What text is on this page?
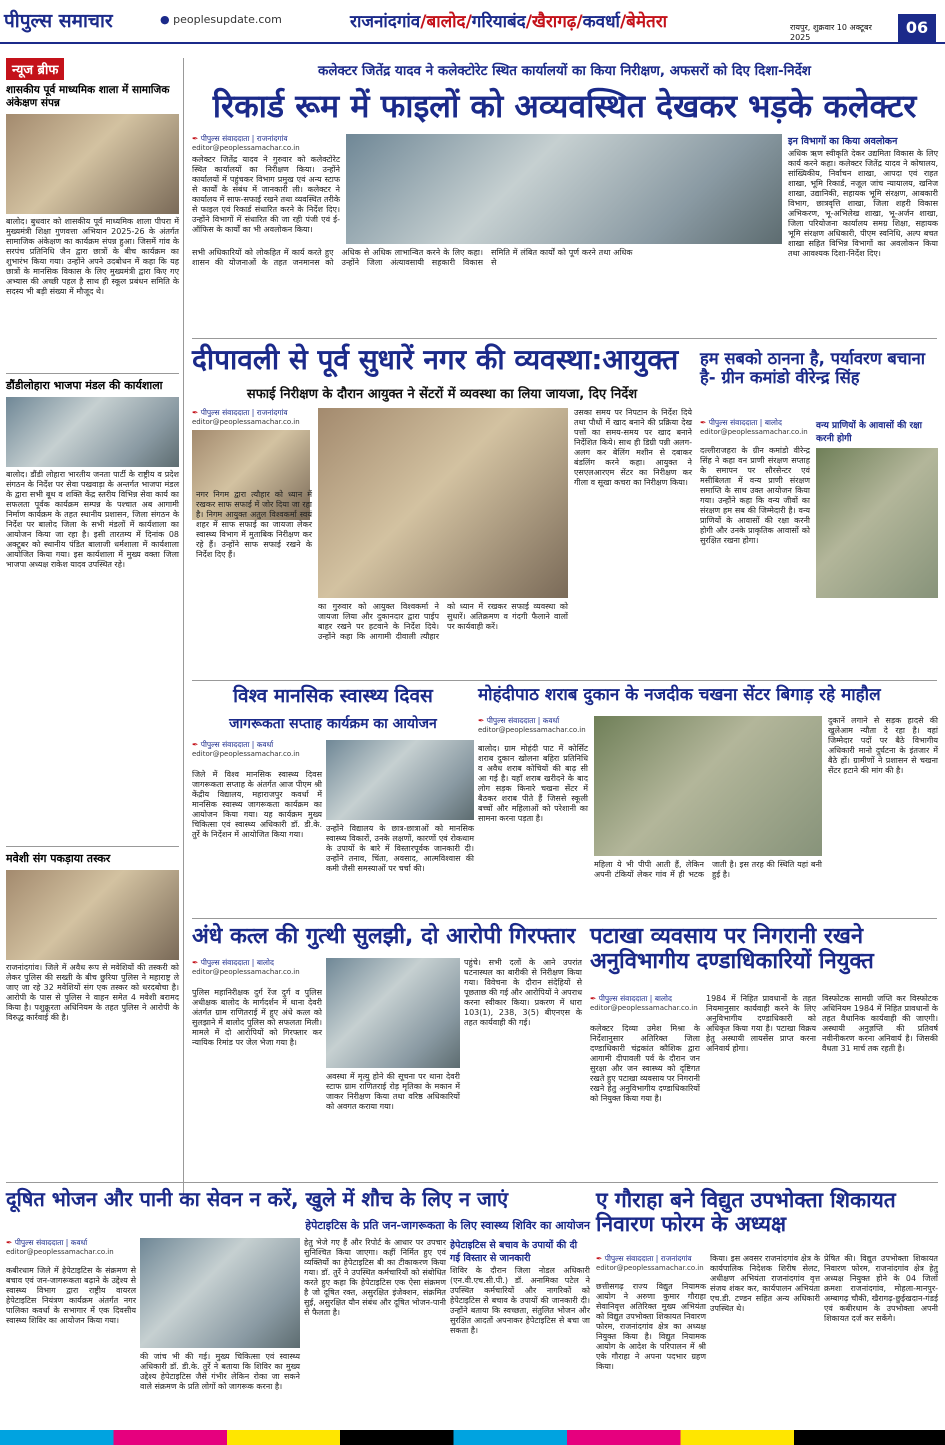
पीपुल्स समाचार	● peoplesupdate.com	राजनांदगांव/बालोद/गरियाबंद/खैरागढ़/कवर्धा/बेमेतरा	रायपुर, शुक्रवार 10 अक्टूबर 2025
06
न्यूज ब्रीफ
शासकीय पूर्व माध्यमिक शाला में सामाजिक अंकेक्षण संपन्न
बालोद। बुधवार को शासकीय पूर्व माध्यमिक शाला पीपरा में मुख्यमंत्री शिक्षा गुणवत्ता अभियान 2025-26 के अंतर्गत सामाजिक अंकेक्षण का कार्यक्रम संपन्न हुआ। जिसमें गांव के सरपंच प्रतिनिधि जैन द्वारा छात्रों के बीच कार्यक्रम का शुभारंभ किया गया। उन्होंने अपने उदबोधन में कहा कि यह छात्रों के मानसिक विकास के लिए मुख्यमंत्री द्वारा किए गए अभ्यास की अच्छी पहल है साथ ही स्कूल प्रबंधन समिति के सदस्य भी बड़ी संख्या में मौजूद थे।
डौंडीलोहारा भाजपा मंडल की कार्यशाला
बालोद। डौंडी लोहारा भारतीय जनता पार्टी के राष्ट्रीय व प्रदेश संगठन के निर्देश पर सेवा पखवाड़ा के अन्तर्गत भाजपा मंडल के द्वारा सभी बूथ व शक्ति केंद्र स्तरीय विभिन्न सेवा कार्य का सफलता पूर्वक कार्यक्रम सम्पन्न के पश्चात अब आगामी निर्माण कार्यक्रम के तहत स्थानीय प्रशासन, जिला संगठन के निर्देश पर बालोद जिला के सभी मंडलों में कार्यशाला का आयोजन किया जा रहा है। इसी तारतम्य में दिनांक 08 अक्टूबर को स्थानीय पंडित बालाजी धर्मशाला में कार्यशाला आयोजित किया गया। इस कार्यशाला में मुख्य वक्ता जिला भाजपा अध्यक्ष राकेश यादव उपस्थित रहे।
मवेशी संग पकड़ाया तस्कर
राजनांदगांव। जिले में अवैध रूप से मवेशियों की तस्करी को लेकर पुलिस की सख्ती के बीच छुरिया पुलिस ने महाराष्ट्र ले जाए जा रहे 32 मवेशियों संग एक तस्कर को धरदबोचा है। आरोपी के पास से पुलिस ने वाहन समेत 4 मवेशी बरामद किया है। पशुक्रूरता अधिनियम के तहत पुलिस ने आरोपी के विरुद्ध कार्रवाई की है।
कलेक्टर जितेंद्र यादव ने कलेक्टोरेट स्थित कार्यालयों का किया निरीक्षण, अफसरों को दिए दिशा-निर्देश
रिकार्ड रूम में फाइलों को अव्यवस्थित देखकर भड़के कलेक्टर
✒ पीपुल्स संवाददाता | राजनांदगांव
editor@peoplessamachar.co.in
कलेक्टर जितेंद्र यादव ने गुरुवार को कलेक्टोरेट स्थित कार्यालयों का निरीक्षण किया। उन्होंने कार्यालयों में पहुंचकर विभाग प्रमुख एवं अन्य स्टाफ से कार्यों के संबंध में जानकारी ली। कलेक्टर ने कार्यालय में साफ-सफाई रखने तथा व्यवस्थित तरीके से फाइल एवं रिकार्ड संधारित करने के निर्देश दिए। उन्होंने विभागों में संधारित की जा रही पंजी एवं ई-ऑफिस के कार्यों का भी अवलोकन किया।
सभी अधिकारियों को लोकहित में कार्य करते हुए शासन की योजनाओं के तहत जनमानस को अधिक से अधिक लाभान्वित करने के लिए कहा। उन्होंने जिला अंत्यावसायी सहकारी विकास समिति में लंबित कार्यों को पूर्ण करने तथा अधिक से
इन विभागों का किया अवलोकन
अधिक ऋण स्वीकृति देकर उद्यमिता विकास के लिए कार्य करने कहा। कलेक्टर जितेंद्र यादव ने कोषालय, सांख्यिकीय, निर्वाचन शाखा, आपदा एवं राहत शाखा, भूमि रिकार्ड, नजूल जांच न्यायालय, खनिज शाखा, उद्यानिकी, सहायक भूमि संरक्षण, आबकारी विभाग, छात्रवृत्ति शाखा, जिला शहरी विकास अभिकरण, भू-अभिलेख शाखा, भू-अर्जन शाखा, जिला परियोजना कार्यालय समग्र शिक्षा, सहायक भूमि संरक्षण अधिकारी, पीएम स्वनिधि, अल्प बचत शाखा सहित विभिन्न विभागों का अवलोकन किया तथा आवश्यक दिशा-निर्देश दिए।
दीपावली से पूर्व सुधारें नगर की व्यवस्था:आयुक्त
सफाई निरीक्षण के दौरान आयुक्त ने सेंटरों में व्यवस्था का लिया जायजा, दिए निर्देश
✒ पीपुल्स संवाददाता | राजनांदगांव
editor@peoplessamachar.co.in
का गुरुवार को आयुक्त विश्वकर्मा ने जायजा लिया और दुकानदार द्वारा पाईप बाहर रखने पर हटवाने के निर्देश दिये। उन्होंने कहा कि आगामी दीवाली त्यौहार को ध्यान में रखकर सफाई व्यवस्था को सुधारें। अतिक्रमण व गंदगी फैलाने वालों पर कार्यवाही करें।
नगर निगम द्वारा त्यौहार को ध्यान में रखकर साफ सफाई में जोर दिया जा रहा है। निगम आयुक्त अतुल विश्वकर्मा स्वयं शहर में साफ सफाई का जायजा लेकर स्वास्थ्य विभाग में मुताबिक निरीक्षण कर रहे हैं। उन्होंने साफ सफाई रखने के निर्देश दिए हैं।
उसका समय पर निपटान के निर्देश दिये तथा पौधों में खाद बनाने की प्रक्रिया देख पत्तों का समय-समय पर खाद बनाने निर्देशित किये। साथ ही डिग्री पन्नी अलग-अलग कर बेलिंग मशीन से दबाकर बंडलिंग करने कहा। आयुक्त ने एसएलआरएम सेंटर का निरीक्षण कर गीला व सूखा कचरा का निरीक्षण किया।
हम सबको ठानना है, पर्यावरण बचाना है- ग्रीन कमांडो वीरेन्द्र सिंह
✒ पीपुल्स संवाददाता | बालोद
editor@peoplessamachar.co.in
दल्लीराजहरा के ग्रीन कमांडो वीरेन्द्र सिंह ने कहा वन प्राणी संरक्षण सप्ताह के समापन पर सौरसेन्टर एवं मसीबिलता में वन्य प्राणी संरक्षण समाप्ति के साथ उक्त आयोजन किया गया। उन्होंने कहा कि वन्य जीवों का संरक्षण हम सब की जिम्मेदारी है। वन्य प्राणियों के आवासों की रक्षा करनी होगी और उनके प्राकृतिक आवासों को सुरक्षित रखना होगा।
वन्य प्राणियों के आवासों की रक्षा करनी होगी
विश्व मानसिक स्वास्थ्य दिवस
जागरूकता सप्ताह कार्यक्रम का आयोजन
✒ पीपुल्स संवाददाता | कवर्धा
editor@peoplessamachar.co.in
जिले में विश्व मानसिक स्वास्थ्य दिवस जागरूकता सप्ताह के अंतर्गत आज पीएम श्री केंद्रीय विद्यालय, महाराजपुर कवर्धा में मानसिक स्वास्थ्य जागरूकता कार्यक्रम का आयोजन किया गया। यह कार्यक्रम मुख्य चिकित्सा एवं स्वास्थ्य अधिकारी डॉ. डी.के. तुर्रे के निर्देशन में आयोजित किया गया।
उन्होंने विद्यालय के छात्र-छात्राओं को मानसिक स्वास्थ्य विकारों, उनके लक्षणों, कारणों एवं रोकथाम के उपायों के बारे में विस्तारपूर्वक जानकारी दी। उन्होंने तनाव, चिंता, अवसाद, आत्मविश्वास की कमी जैसी समस्याओं पर चर्चा की।
मोहंदीपाठ शराब दुकान के नजदीक चखना सेंटर बिगाड़ रहे माहौल
✒ पीपुल्स संवाददाता | कवर्धा
editor@peoplessamachar.co.in
बालोद। ग्राम मोहंदी पाट में कोर्सिट शराब दुकान खोलना बहिरा प्रतिनिधि व अवैध शराब कोचियों की बाढ़ सी आ गई है। यहाँ शराब खरीदने के बाद लोग सड़क किनारे चखना सेंटर में बैठकर शराब पीते हैं जिससे स्कूली बच्चों और महिलाओं को परेशानी का सामना करना पड़ता है।
महिला ये भी पीपी आती हैं, लेकिन अपनी टंकियों लेकर गांव में ही भटक जाती है। इस तरह की स्थिति यहां बनी हुई है।
दुकानें लगाने से सड़क हादसे की खुलेआम न्यौता दे रहा है। वहां जिम्मेदार पदों पर बैठे विभागीय अधिकारी मानो दुर्घटना के इंतजार में बैठे हों। ग्रामीणों ने प्रशासन से चखना सेंटर हटाने की मांग की है।
अंधे कत्ल की गुत्थी सुलझी, दो आरोपी गिरफ्तार
✒ पीपुल्स संवाददाता | बालोद
editor@peoplessamachar.co.in
पुलिस महानिरीक्षक दुर्ग रेंज दुर्ग व पुलिस अधीक्षक बालोद के मार्गदर्शन में थाना देवरी अंतर्गत ग्राम राणितराई में हुए अंधे कत्ल को सुलझाने में बालोद पुलिस को सफलता मिली। मामले में दो आरोपियों को गिरफ्तार कर न्यायिक रिमांड पर जेल भेजा गया है।
अवस्था में मृत्यु होने की सूचना पर थाना देवरी स्टाफ ग्राम राणितराई रोड़ मृतिका के मकान में जाकर निरीक्षण किया तथा वरिष्ठ अधिकारियों को अवगत कराया गया।
पहुंचे। सभी दलों के आने उपरांत घटनास्थल का बारीकी से निरीक्षण किया गया। विवेचना के दौरान संदेहियों से पूछताछ की गई और आरोपियों ने अपराध करना स्वीकार किया। प्रकरण में धारा 103(1), 238, 3(5) बीएनएस के तहत कार्यवाही की गई।
पटाखा व्यवसाय पर निगरानी रखने अनुविभागीय दण्डाधिकारियों नियुक्त
✒ पीपुल्स संवाददाता | बालोद
editor@peoplessamachar.co.in
कलेक्टर दिव्या उमेश मिश्रा के निर्देशानुसार अतिरिक्त जिला दण्डाधिकारी चंद्रकांत कौशिक द्वारा आगामी दीपावली पर्व के दौरान जन सुरक्षा और जन स्वास्थ्य को दृष्टिगत रखते हुए पटाखा व्यवसाय पर निगरानी रखने हेतु अनुविभागीय दण्डाधिकारियों को नियुक्त किया गया है।
1984 में निहित प्रावधानों के तहत नियमानुसार कार्यवाही करने के लिए अनुविभागीय दण्डाधिकारी को अधिकृत किया गया है। पटाखा विक्रय हेतु अस्थायी लायसेंस प्राप्त करना अनिवार्य होगा।
विस्फोटक सामग्री जप्ति कर विस्फोटक अधिनियम 1984 में निहित प्रावधानों के तहत वैधानिक कार्यवाही की जाएगी। अस्थायी अनुज्ञप्ति की प्रतिवर्ष नवीनीकरण करना अनिवार्य है। जिसकी वैधता 31 मार्च तक रहती है।
दूषित भोजन और पानी का सेवन न करें, खुले में शौच के लिए न जाएं
हेपेटाइटिस के प्रति जन-जागरूकता के लिए स्वास्थ्य शिविर का आयोजन
✒ पीपुल्स संवाददाता | कवर्धा
editor@peoplessamachar.co.in
कबीरधाम जिले में हेपेटाइटिस के संक्रमण से बचाव एवं जन-जागरूकता बढ़ाने के उद्देश्य से स्वास्थ्य विभाग द्वारा राष्ट्रीय वायरल हेपेटाइटिस नियंत्रण कार्यक्रम अंतर्गत नगर पालिका कवर्धा के सभागार में एक दिवसीय स्वास्थ्य शिविर का आयोजन किया गया।
की जांच भी की गई। मुख्य चिकित्सा एवं स्वास्थ्य अधिकारी डॉ. डी.के. तुर्रे ने बताया कि शिविर का मुख्य उद्देश्य हेपेटाइटिस जैसे गंभीर लेकिन रोका जा सकने वाले संक्रमण के प्रति लोगों को जागरूक करना है।
हेतु भेजे गए हैं और रिपोर्ट के आधार पर उपचार सुनिश्चित किया जाएगा। कहीं निर्मित हुए एवं व्यक्तियों का हेपेटाइटिस बी का टीकाकरण किया गया। डॉ. तुर्रे ने उपस्थित कर्मचारियों को संबोधित करते हुए कहा कि हेपेटाइटिस एक ऐसा संक्रमण है जो दूषित रक्त, असुरक्षित इंजेक्शन, संक्रमित सुई, असुरक्षित यौन संबंध और दूषित भोजन-पानी से फैलता है।
हेपेटाइटिस से बचाव के उपायों की दी गई विस्तार से जानकारी
शिविर के दौरान जिला नोडल अधिकारी (एन.वी.एच.सी.पी.) डॉ. अनामिका पटेल ने उपस्थित कर्मचारियों और नागरिकों को हेपेटाइटिस से बचाव के उपायों की जानकारी दी। उन्होंने बताया कि स्वच्छता, संतुलित भोजन और सुरक्षित आदतों अपनाकर हेपेटाइटिस से बचा जा सकता है।
ए गौराहा बने विद्युत उपभोक्ता शिकायत निवारण फोरम के अध्यक्ष
✒ पीपुल्स संवाददाता | राजनांदगांव
editor@peoplessamachar.co.in
छत्तीसगढ़ राज्य विद्युत नियामक आयोग ने अरुणा कुमार गौराहा सेवानिवृत्त अतिरिक्त मुख्य अभियंता को विद्युत उपभोक्ता शिकायत निवारण फोरम, राजनांदगांव क्षेत्र का अध्यक्ष नियुक्त किया है। विद्युत नियामक आयोग के आदेश के परिपालन में श्री एके गौराहा ने अपना पदभार ग्रहण किया।
किया। इस अवसर राजनांदगांव क्षेत्र के कार्यपालिक निदेशक शिरीष सेलट, अधीक्षण अभियंता राजनांदगांव वृत्त संजय शंकर कर, कार्यपालन अभियंता एच.डी. टण्डन सहित अन्य अधिकारी उपस्थित थे।
प्रेषित की। विद्युत उपभोक्ता शिकायत निवारण फोरम, राजनांदगांव क्षेत्र हेतु अध्यक्ष नियुक्त होने के 04 जिलों क्रमशः राजनांदगांव, मोहला-मानपुर-अम्बागढ़ चौकी, खैरागढ़-छुईखदान-गंडई एवं कबीरधाम के उपभोक्ता अपनी शिकायत दर्ज कर सकेंगे।
